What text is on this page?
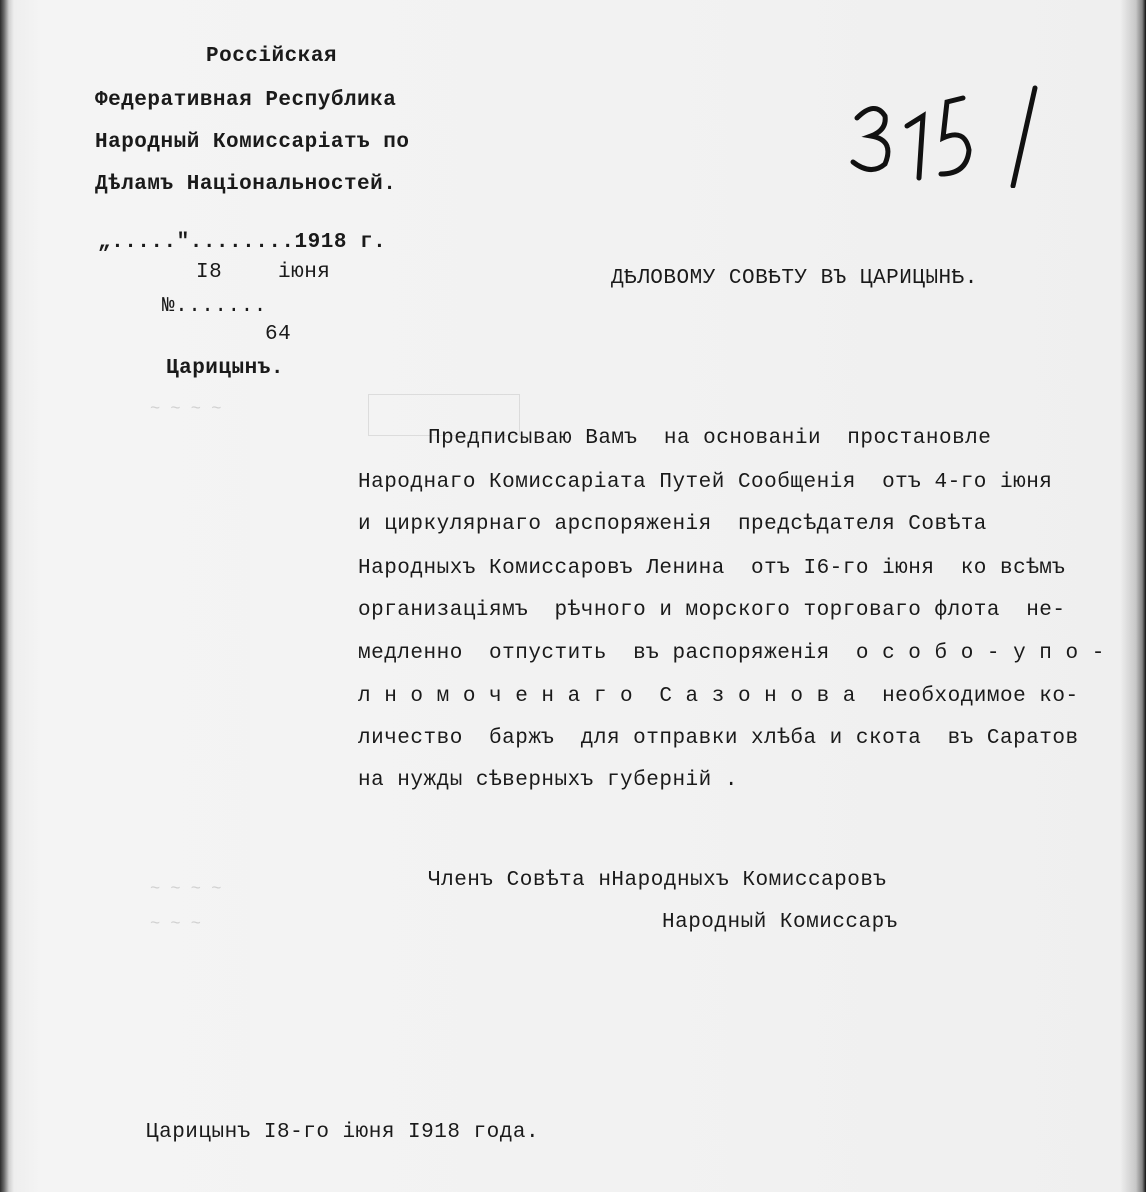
~ ~ ~ ~
~ ~ ~ ~
~ ~ ~
Россійская
Федеративная Республика
Народный Комиссаріатъ по
Дѣламъ Національностей.
„....."........1918 г.
I8	іюня
№.......
64
Царицынъ.
ДѢЛОВОМУ СОВѢТУ ВЪ ЦАРИЦЫНѢ.
Предписываю Вамъ  на основаніи  простановле
Народнаго Комиссаріата Путей Сообщенія  отъ 4-го іюня
и циркулярнаго арспоряженія  предсѣдателя Совѣта
Народныхъ Комиссаровъ Ленина  отъ I6-го іюня  ко всѣмъ
организаціямъ  рѣчного и морского торговаго флота  не-
медленно  отпустить  въ распоряженія  о с о б о - у п о -
л н о м о ч е н а г о  С а з о н о в а  необходимое ко-
личество  баржъ  для отправки хлѣба и скота  въ Саратов
на нужды сѣверныхъ губерній .
Членъ Совѣта нНародныхъ Комиссаровъ
Народный Комиссаръ
Царицынъ I8-го іюня I918 года.
